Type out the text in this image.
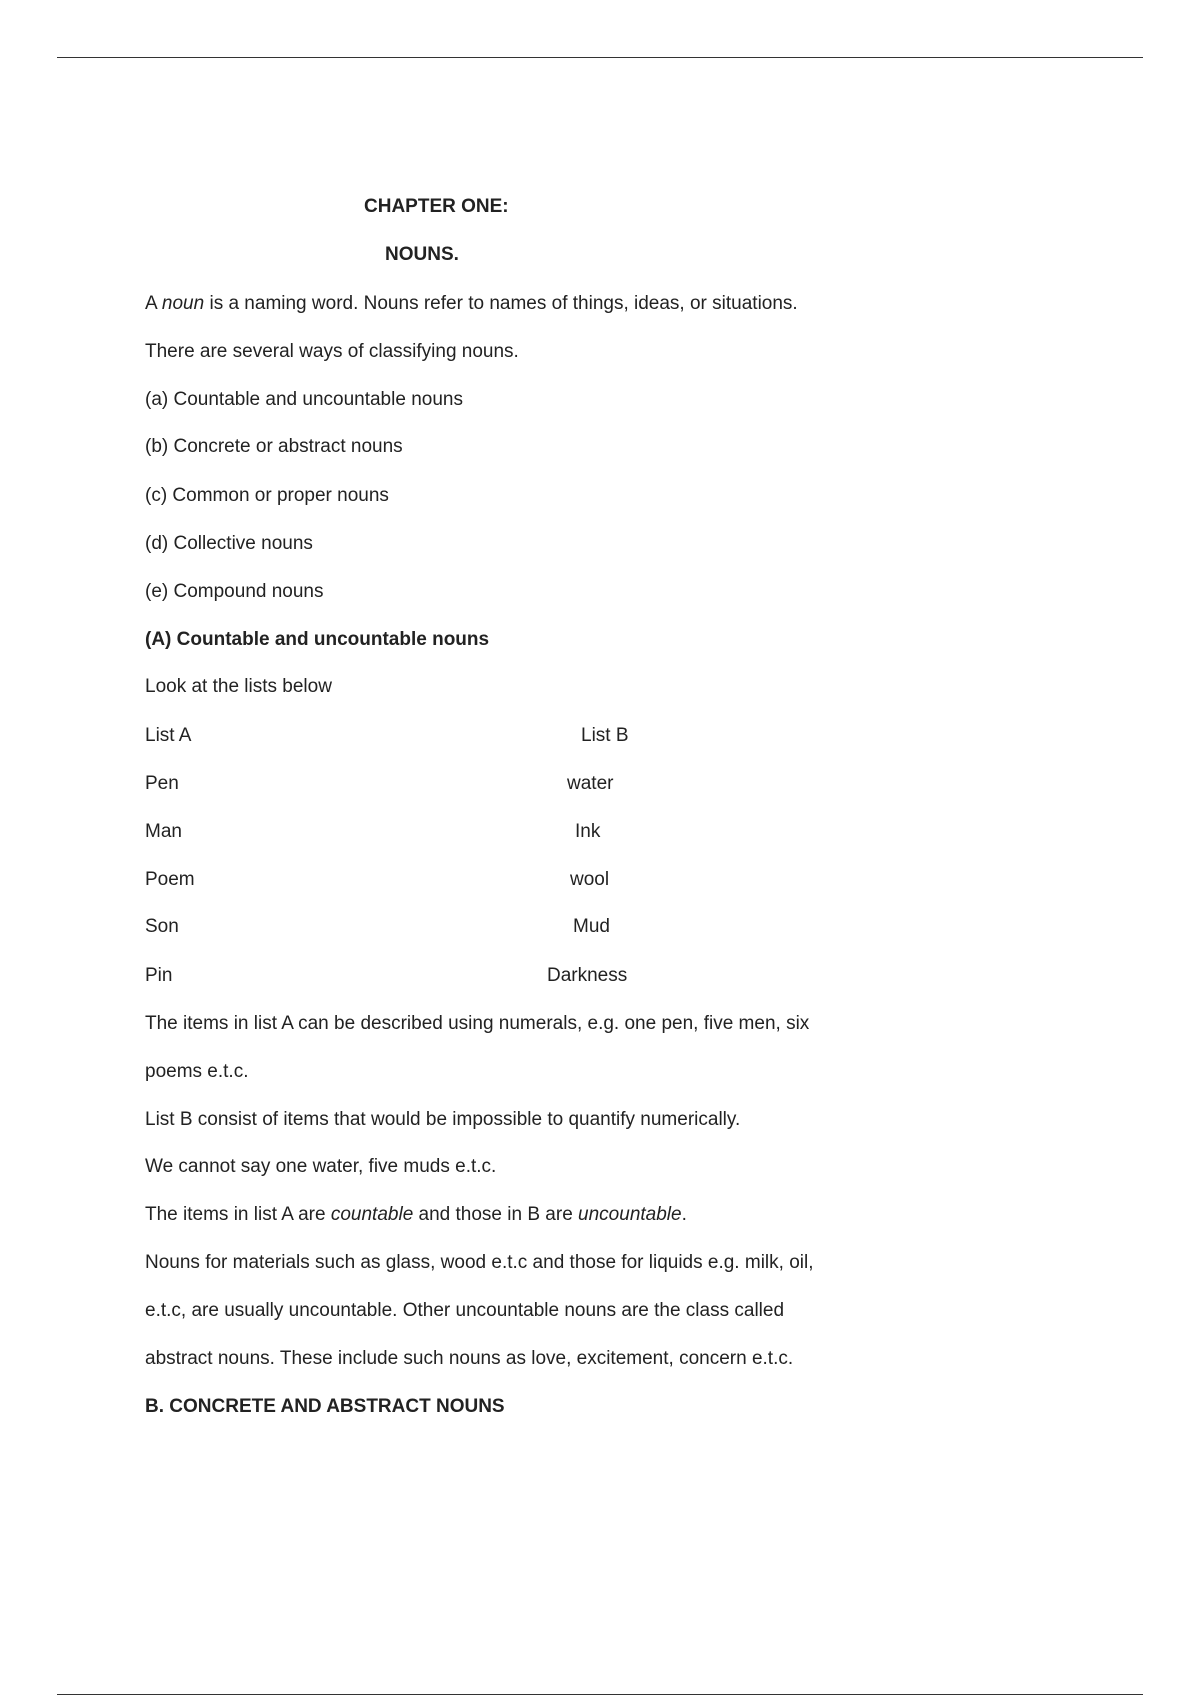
CHAPTER ONE:
NOUNS.
A noun is a naming word. Nouns refer to names of things, ideas, or situations.
There are several ways of classifying nouns.
(a) Countable and uncountable nouns
(b) Concrete or abstract nouns
(c) Common or proper nouns
(d) Collective nouns
(e) Compound nouns
(A) Countable and uncountable nouns
Look at the lists below
List A	List B
Pen	water
Man	Ink
Poem	wool
Son	Mud
Pin	Darkness
The items in list A can be described using numerals, e.g. one pen, five men, six
poems e.t.c.
List B consist of items that would be impossible to quantify numerically.
We cannot say one water, five muds e.t.c.
The items in list A are countable and those in B are uncountable.
Nouns for materials such as glass, wood e.t.c and those for liquids e.g. milk, oil,
e.t.c, are usually uncountable. Other uncountable nouns are the class called
abstract nouns. These include such nouns as love, excitement, concern e.t.c.
B. CONCRETE AND ABSTRACT NOUNS
